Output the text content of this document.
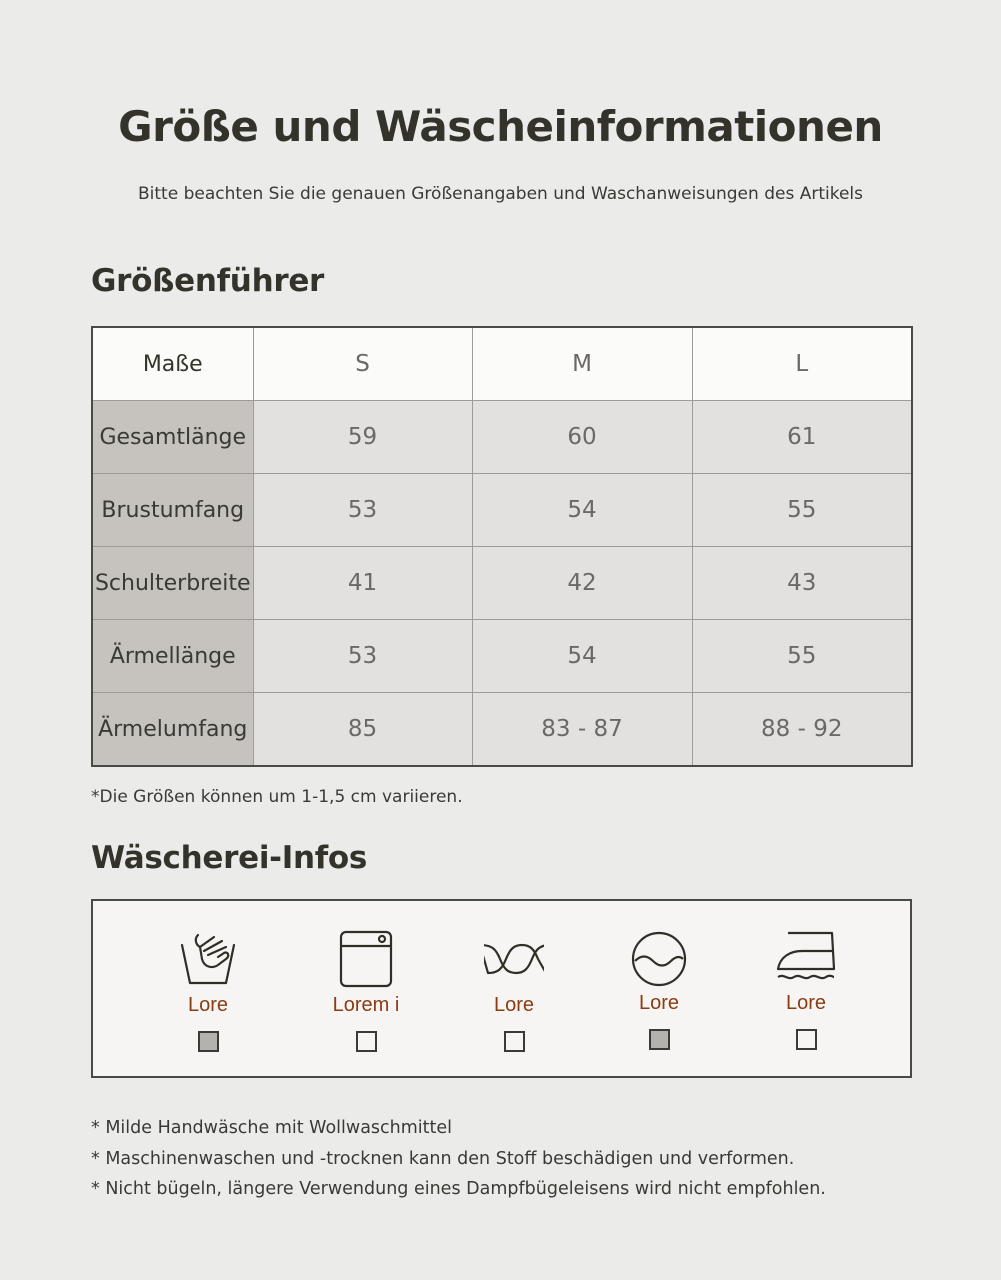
Größe und Wäscheinformationen

Bitte beachten Sie die genauen Größenangaben und Waschanweisungen des Artikels

Größenführer
Maße	S	M	L
Gesamtlänge	59	60	61
Brustumfang	53	54	55
Schulterbreite	41	42	43
Ärmellänge	53	54	55
Ärmelumfang	85	83 - 87	88 - 92

*Die Größen können um 1-1,5 cm variieren.

Wäscherei-Infos
Lore	Lorem i	Lore	Lore	Lore
* Milde Handwäsche mit Wollwaschmittel
* Maschinenwaschen und -trocknen kann den Stoff beschädigen und verformen.
* Nicht bügeln, längere Verwendung eines Dampfbügeleisens wird nicht empfohlen.
